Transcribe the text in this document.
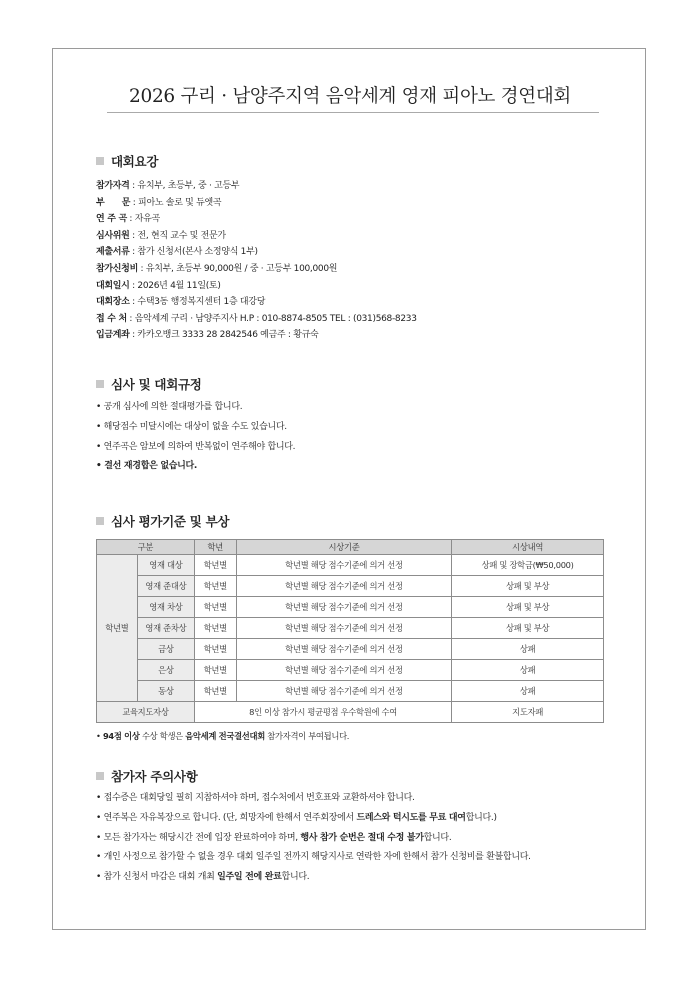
2026 구리 · 남양주지역 음악세계 영재 피아노 경연대회
대회요강
참가자격 : 유치부, 초등부, 중 · 고등부
부　　문 : 피아노 솔로 및 듀엣곡
연 주 곡 : 자유곡
심사위원 : 전, 현직 교수 및 전문가
제출서류 : 참가 신청서(본사 소정양식 1부)
참가신청비 : 유치부, 초등부 90,000원 / 중 · 고등부 100,000원
대회일시 : 2026년 4월 11일(토)
대회장소 : 수택3동 행정복지센터 1층 대강당
접 수 처 : 음악세계 구리 · 남양주지사 H.P : 010-8874-8505 TEL : (031)568-8233
입금계좌 : 카카오뱅크 3333 28 2842546 예금주 : 황규숙
심사 및 대회규정
• 공개 심사에 의한 절대평가를 합니다.
• 해당점수 미달시에는 대상이 없을 수도 있습니다.
• 연주곡은 암보에 의하여 반복없이 연주해야 합니다.
• 결선 재경합은 없습니다.
심사 평가기준 및 부상
구분		학년	시상기준	시상내역
학년별	영재 대상	학년별	학년별 해당 점수기준에 의거 선정	상패 및 장학금(₩50,000)
	영재 준대상	학년별	학년별 해당 점수기준에 의거 선정	상패 및 부상
	영재 차상	학년별	학년별 해당 점수기준에 의거 선정	상패 및 부상
	영재 준차상	학년별	학년별 해당 점수기준에 의거 선정	상패 및 부상
	금상	학년별	학년별 해당 점수기준에 의거 선정	상패
	은상	학년별	학년별 해당 점수기준에 의거 선정	상패
	동상	학년별	학년별 해당 점수기준에 의거 선정	상패
교육지도자상		8인 이상 참가시 평균평점 우수학원에 수여		지도자패
• 94점 이상 수상 학생은 음악세계 전국결선대회 참가자격이 부여됩니다.
참가자 주의사항
• 접수증은 대회당일 필히 지참하셔야 하며, 접수처에서 번호표와 교환하셔야 합니다.
• 연주복은 자유복장으로 합니다. (단, 희망자에 한해서 연주회장에서 드레스와 턱시도를 무료 대여합니다.)
• 모든 참가자는 해당시간 전에 입장 완료하여야 하며, 행사 참가 순번은 절대 수정 불가합니다.
• 개인 사정으로 참가할 수 없을 경우 대회 일주일 전까지 해당지사로 연락한 자에 한해서 참가 신청비를 환불합니다.
• 참가 신청서 마감은 대회 개최 일주일 전에 완료합니다.
